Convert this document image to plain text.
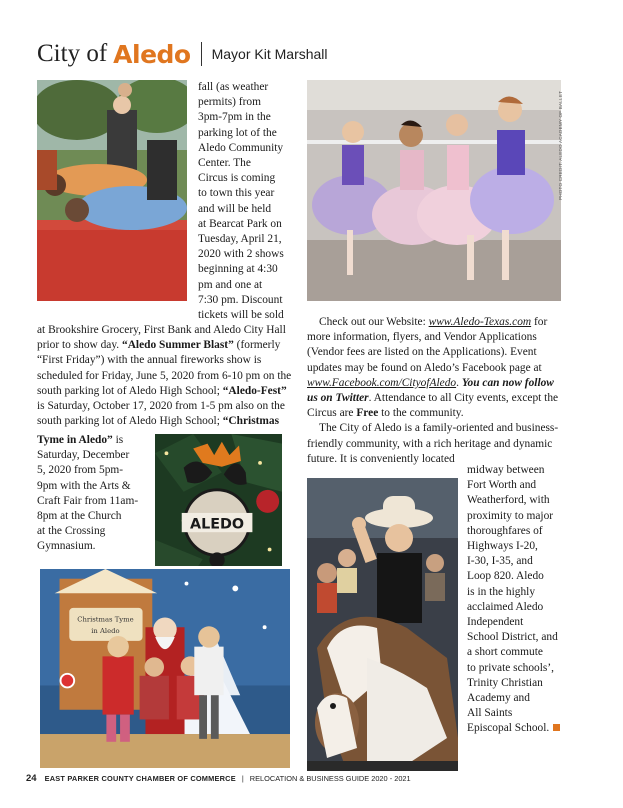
City of Aledo Mayor Kit Marshall

fall (as weather

permits) from

3pm-7pm in the

parking lot of the

Aledo Community

Center. The

Circus is coming

to town this year

and will be held

at Bearcat Park on

Tuesday, April 21,

2020 with 2 shows

beginning at 4:30

pm and one at

7:30 pm. Discount

tickets will be sold

at Brookshire Grocery, First Bank and Aledo City Hall prior to show day. “Aledo Summer Blast” (formerly “First Friday”) with the annual fireworks show is scheduled for Friday, June 5, 2020 from 6-10 pm on the south parking lot of Aledo High School; “Aledo-Fest” is Saturday, October 17, 2020 from 1-5 pm also on the south parking lot of Aledo High School; “Christmas

Tyme in Aledo” is

Saturday, December

5, 2020 from 5pm-

9pm with the Arts &

Craft Fair from 11am-

8pm at the Church

at the Crossing

Gymnasium.

ALEDO
Christmas Tyme
in Aledo
PHOTO CREDIT: ALEDO ACADEMY OF BALLET

Check out our Website: www.Aledo-Texas.com for more information, flyers, and Vendor Applications (Vendor fees are listed on the Applications). Event updates may be found on Aledo’s Facebook page at www.Facebook.com/CityofAledo. You can now follow us on Twitter. Attendance to all City events, except the Circus are Free to the community.

The City of Aledo is a family-oriented and business-friendly community, with a rich heritage and dynamic future. It is conveniently located

midway between

Fort Worth and

Weatherford, with

proximity to major

thoroughfares of

Highways I-20,

I-30, I-35, and

Loop 820. Aledo

is in the highly

acclaimed Aledo

Independent

School District, and

a short commute

to private schools’,

Trinity Christian

Academy and

All Saints

Episcopal School.

24 EAST PARKER COUNTY CHAMBER OF COMMERCE | RELOCATION & BUSINESS GUIDE 2020 - 2021
